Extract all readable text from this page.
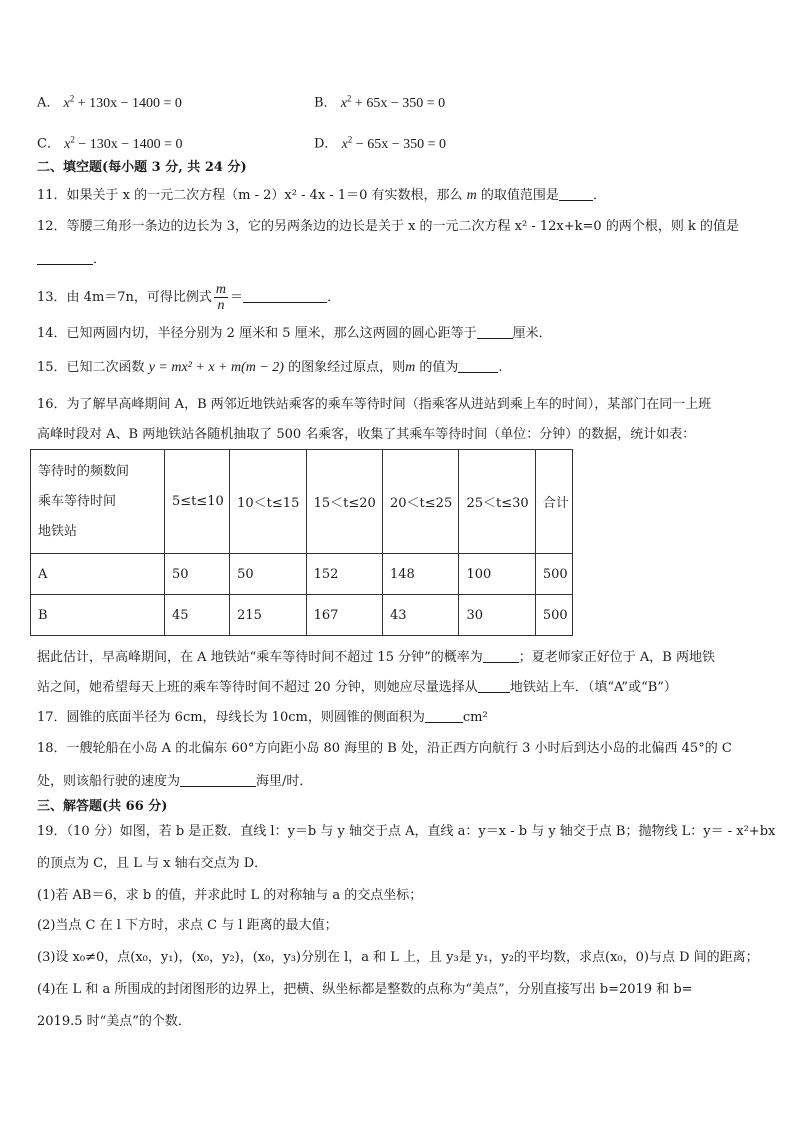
A． $x^2 + 130x - 1400 = 0$	B． $x^2 + 65x - 350 = 0$
C． $x^2 - 130x - 1400 = 0$	D． $x^2 - 65x - 350 = 0$
二、填空题(每小题 3 分, 共 24 分)
11．如果关于 x 的一元二次方程（m - 2）x² - 4x - 1＝0 有实数根，那么 m 的取值范围是	．
12．等腰三角形一条边的边长为 3，它的另两条边的边长是关于 x 的一元二次方程 x² - 12x+k=0 的两个根，则 k 的值是
．
13．由 4m＝7n，可得比例式 $\frac{m}{n}$ ＝	．
14．已知两圆内切，半径分别为 2 厘米和 5 厘米，那么这两圆的圆心距等于	厘米．
15．已知二次函数 y = mx² + x + m(m − 2) 的图象经过原点，则m 的值为	.
16．为了解早高峰期间 A，B 两邻近地铁站乘客的乘车等待时间（指乘客从进站到乘上车的时间），某部门在同一上班
高峰时段对 A、B 两地铁站各随机抽取了 500 名乘客，收集了其乘车等待时间（单位：分钟）的数据，统计如表：
等待时的频数间
乘车等待时间
地铁站	5≤t≤10	10＜t≤15	15＜t≤20	20＜t≤25	25＜t≤30	合计
A	50	50	152	148	100	500
B	45	215	167	43	30	500
据此估计，早高峰期间，在 A 地铁站“乘车等待时间不超过 15 分钟”的概率为	；夏老师家正好位于 A，B 两地铁
站之间，她希望每天上班的乘车等待时间不超过 20 分钟，则她应尽量选择从 地铁站上车．（填“A”或“B”）
17．圆锥的底面半径为 6cm，母线长为 10cm，则圆锥的侧面积为	cm²
18．一艘轮船在小岛 A 的北偏东 60°方向距小岛 80 海里的 B 处，沿正西方向航行 3 小时后到达小岛的北偏西 45°的 C
处，则该船行驶的速度为	海里/时．
三、解答题(共 66 分)
19．（10 分）如图，若 b 是正数．直线 l：y＝b 与 y 轴交于点 A，直线 a：y＝x - b 与 y 轴交于点 B；抛物线 L：y＝ - x²+bx
的顶点为 C，且 L 与 x 轴右交点为 D．
(1)若 AB＝6，求 b 的值，并求此时 L 的对称轴与 a 的交点坐标；
(2)当点 C 在 l 下方时，求点 C 与 l 距离的最大值；
(3)设 x₀≠0，点(x₀，y₁)，(x₀，y₂)，(x₀，y₃)分别在 l，a 和 L 上，且 y₃是 y₁，y₂的平均数，求点(x₀，0)与点 D 间的距离；
(4)在 L 和 a 所围成的封闭图形的边界上，把横、纵坐标都是整数的点称为“美点”，分别直接写出 b=2019 和 b=
2019.5 时“美点”的个数．
